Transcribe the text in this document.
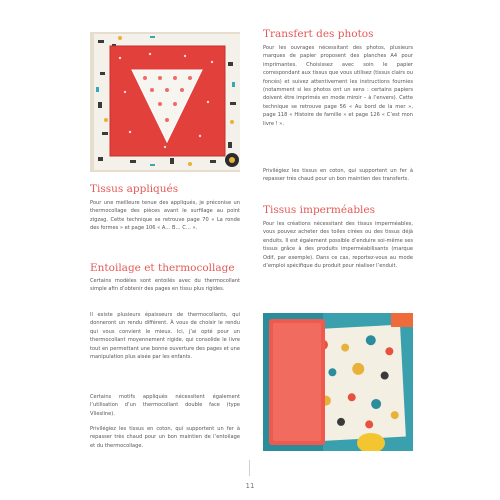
Tissus appliqués

Pour une meilleure tenue des appliqués, je préconise un thermocollage des pièces avant le surfilage au point zigzag. Cette technique se retrouve page 70 « La ronde des formes » et page 106 « A… B… C… ».

Entoilage et thermocollage

Certains modèles sont entoilés avec du thermocollant simple afin d’obtenir des pages en tissu plus rigides.

Il existe plusieurs épaisseurs de thermocollants, qui donneront un rendu différent. À vous de choisir le rendu qui vous convient le mieux. Ici, j’ai opté pour un thermocollant moyennement rigide, qui consolide le livre tout en permettant une bonne ouverture des pages et une manipulation plus aisée par les enfants.

Certains motifs appliqués nécessitent également l’utilisation d’un thermocollant double face (type Vliesline).

Privilégiez les tissus en coton, qui supportent un fer à repasser très chaud pour un bon maintien de l’entoilage et du thermocollage.

Transfert des photos

Pour les ouvrages nécessitant des photos, plusieurs marques de papier proposent des planches A4 pour imprimantes. Choisissez avec soin le papier correspondant aux tissus que vous utilisez (tissus clairs ou foncés) et suivez attentivement les instructions fournies (notamment si les photos ont un sens : certains papiers doivent être imprimés en mode miroir – à l’envers). Cette technique se retrouve page 56 « Au bord de la mer », page 118 « Histoire de famille » et page 126 « C’est mon livre ! ».

Privilégiez les tissus en coton, qui supportent un fer à repasser très chaud pour un bon maintien des transferts.

Tissus imperméables

Pour les créations nécessitant des tissus imperméables, vous pouvez acheter des toiles cirées ou des tissus déjà enduits. Il est également possible d’enduire soi-même ses tissus grâce à des produits imperméabilisants (marque Odif, par exemple). Dans ce cas, reportez-vous au mode d’emploi spécifique du produit pour réaliser l’enduit.

11
